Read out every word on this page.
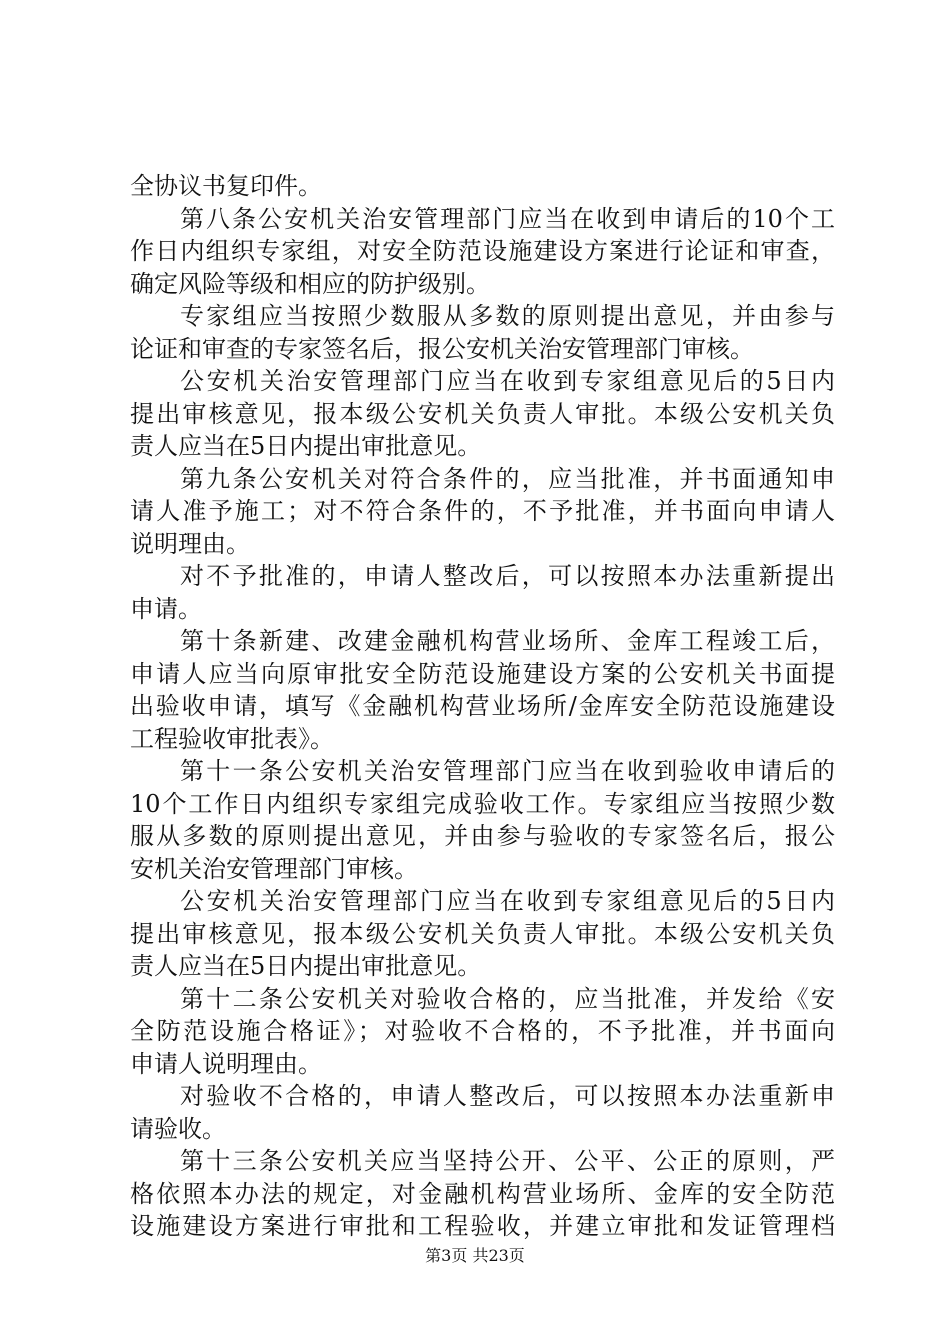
全协议书复印件。
第八条公安机关治安管理部门应当在收到申请后的10个工
作日内组织专家组，对安全防范设施建设方案进行论证和审查，
确定风险等级和相应的防护级别。
专家组应当按照少数服从多数的原则提出意见，并由参与
论证和审查的专家签名后，报公安机关治安管理部门审核。
公安机关治安管理部门应当在收到专家组意见后的5日内
提出审核意见，报本级公安机关负责人审批。本级公安机关负
责人应当在5日内提出审批意见。
第九条公安机关对符合条件的，应当批准，并书面通知申
请人准予施工；对不符合条件的，不予批准，并书面向申请人
说明理由。
对不予批准的，申请人整改后，可以按照本办法重新提出
申请。
第十条新建、改建金融机构营业场所、金库工程竣工后，
申请人应当向原审批安全防范设施建设方案的公安机关书面提
出验收申请，填写《金融机构营业场所/金库安全防范设施建设
工程验收审批表》。
第十一条公安机关治安管理部门应当在收到验收申请后的
10个工作日内组织专家组完成验收工作。专家组应当按照少数
服从多数的原则提出意见，并由参与验收的专家签名后，报公
安机关治安管理部门审核。
公安机关治安管理部门应当在收到专家组意见后的5日内
提出审核意见，报本级公安机关负责人审批。本级公安机关负
责人应当在5日内提出审批意见。
第十二条公安机关对验收合格的，应当批准，并发给《安
全防范设施合格证》；对验收不合格的，不予批准，并书面向
申请人说明理由。
对验收不合格的，申请人整改后，可以按照本办法重新申
请验收。
第十三条公安机关应当坚持公开、公平、公正的原则，严
格依照本办法的规定，对金融机构营业场所、金库的安全防范
设施建设方案进行审批和工程验收，并建立审批和发证管理档
第3页 共23页
